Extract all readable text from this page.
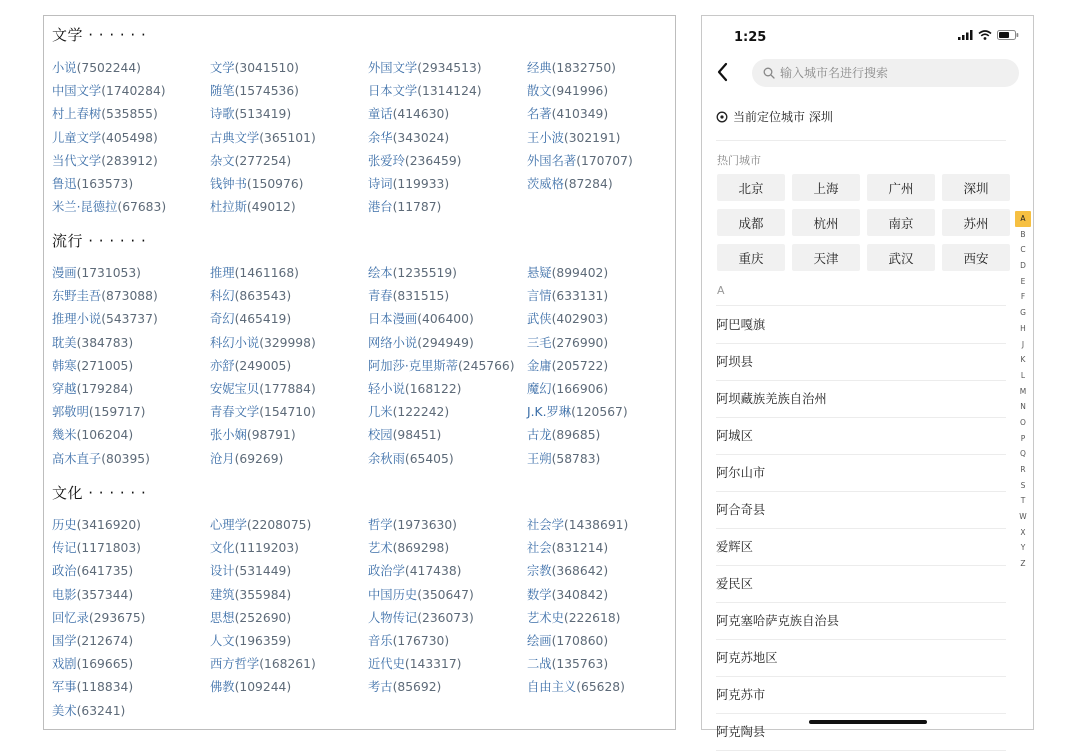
文学 · · · · · ·
小说(7502244)	文学(3041510)	外国文学(2934513)	经典(1832750)
中国文学(1740284)	随笔(1574536)	日本文学(1314124)	散文(941996)
村上春树(535855)	诗歌(513419)	童话(414630)	名著(410349)
儿童文学(405498)	古典文学(365101)	余华(343024)	王小波(302191)
当代文学(283912)	杂文(277254)	张爱玲(236459)	外国名著(170707)
鲁迅(163573)	钱钟书(150976)	诗词(119933)	茨威格(87284)
米兰·昆德拉(67683)	杜拉斯(49012)	港台(11787)
流行 · · · · · ·
漫画(1731053)	推理(1461168)	绘本(1235519)	悬疑(899402)
东野圭吾(873088)	科幻(863543)	青春(831515)	言情(633131)
推理小说(543737)	奇幻(465419)	日本漫画(406400)	武侠(402903)
耽美(384783)	科幻小说(329998)	网络小说(294949)	三毛(276990)
韩寒(271005)	亦舒(249005)	阿加莎·克里斯蒂(245766)	金庸(205722)
穿越(179284)	安妮宝贝(177884)	轻小说(168122)	魔幻(166906)
郭敬明(159717)	青春文学(154710)	几米(122242)	J.K.罗琳(120567)
幾米(106204)	张小娴(98791)	校园(98451)	古龙(89685)
高木直子(80395)	沧月(69269)	余秋雨(65405)	王朔(58783)
文化 · · · · · ·
历史(3416920)	心理学(2208075)	哲学(1973630)	社会学(1438691)
传记(1171803)	文化(1119203)	艺术(869298)	社会(831214)
政治(641735)	设计(531449)	政治学(417438)	宗教(368642)
电影(357344)	建筑(355984)	中国历史(350647)	数学(340842)
回忆录(293675)	思想(252690)	人物传记(236073)	艺术史(222618)
国学(212674)	人文(196359)	音乐(176730)	绘画(170860)
戏剧(169665)	西方哲学(168261)	近代史(143317)	二战(135763)
军事(118834)	佛教(109244)	考古(85692)	自由主义(65628)
美术(63241)
1:25
输入城市名进行搜索
当前定位城市 深圳
热门城市
北京	上海	广州	深圳
成都	杭州	南京	苏州
重庆	天津	武汉	西安
A
阿巴嘎旗
阿坝县
阿坝藏族羌族自治州
阿城区
阿尔山市
阿合奇县
爱辉区
爱民区
阿克塞哈萨克族自治县
阿克苏地区
阿克苏市
阿克陶县
A
B
C
D
E
F
G
H
J
K
L
M
N
O
P
Q
R
S
T
W
X
Y
Z
